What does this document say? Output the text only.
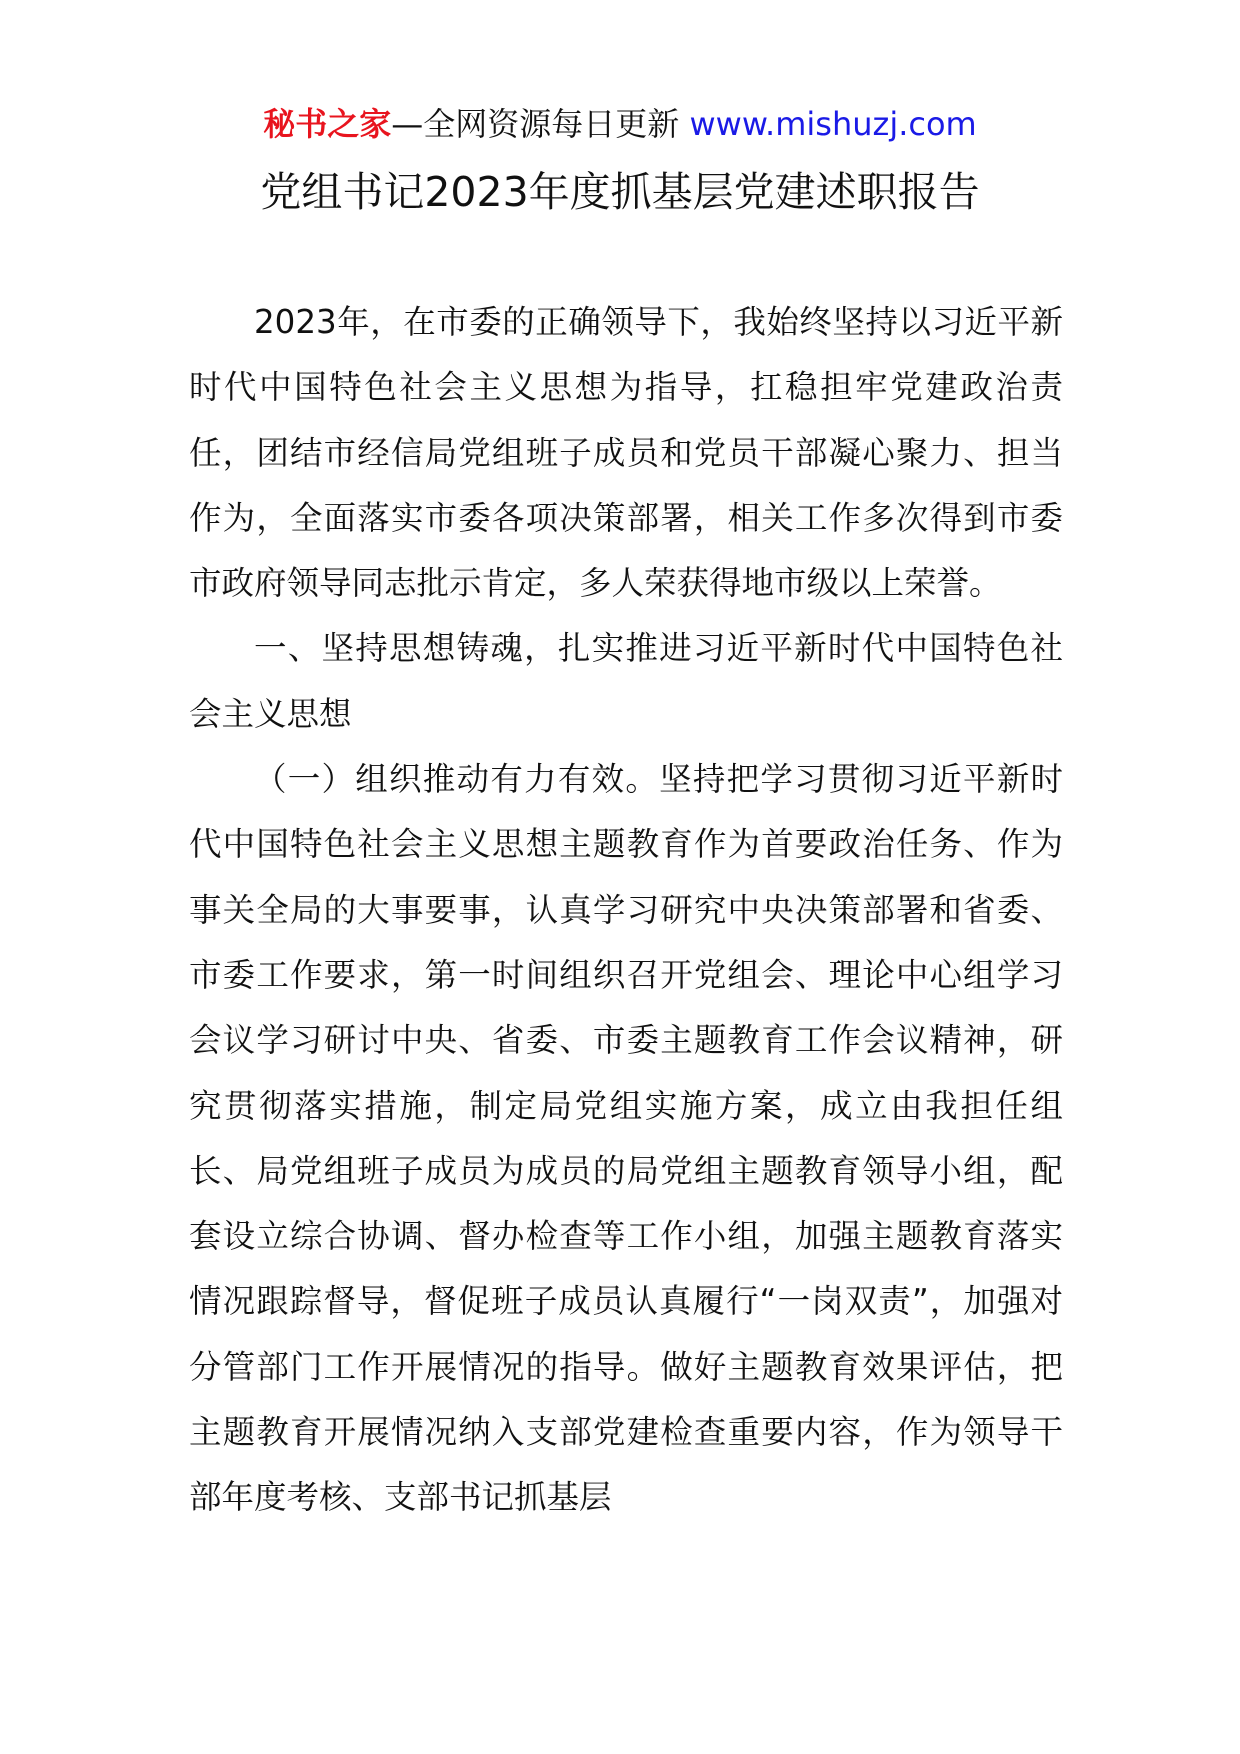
秘书之家—全网资源每日更新 www.mishuzj.com
党组书记2023年度抓基层党建述职报告

2023年，在市委的正确领导下，我始终坚持以习近平新时代中国特色社会主义思想为指导，扛稳担牢党建政治责任，团结市经信局党组班子成员和党员干部凝心聚力、担当作为，全面落实市委各项决策部署，相关工作多次得到市委市政府领导同志批示肯定，多人荣获得地市级以上荣誉。

一、坚持思想铸魂，扎实推进习近平新时代中国特色社会主义思想

（一）组织推动有力有效。坚持把学习贯彻习近平新时代中国特色社会主义思想主题教育作为首要政治任务、作为事关全局的大事要事，认真学习研究中央决策部署和省委、市委工作要求，第一时间组织召开党组会、理论中心组学习会议学习研讨中央、省委、市委主题教育工作会议精神，研究贯彻落实措施，制定局党组实施方案，成立由我担任组长、局党组班子成员为成员的局党组主题教育领导小组，配套设立综合协调、督办检查等工作小组，加强主题教育落实情况跟踪督导，督促班子成员认真履行“一岗双责”，加强对分管部门工作开展情况的指导。做好主题教育效果评估，把主题教育开展情况纳入支部党建检查重要内容，作为领导干部年度考核、支部书记抓基层
